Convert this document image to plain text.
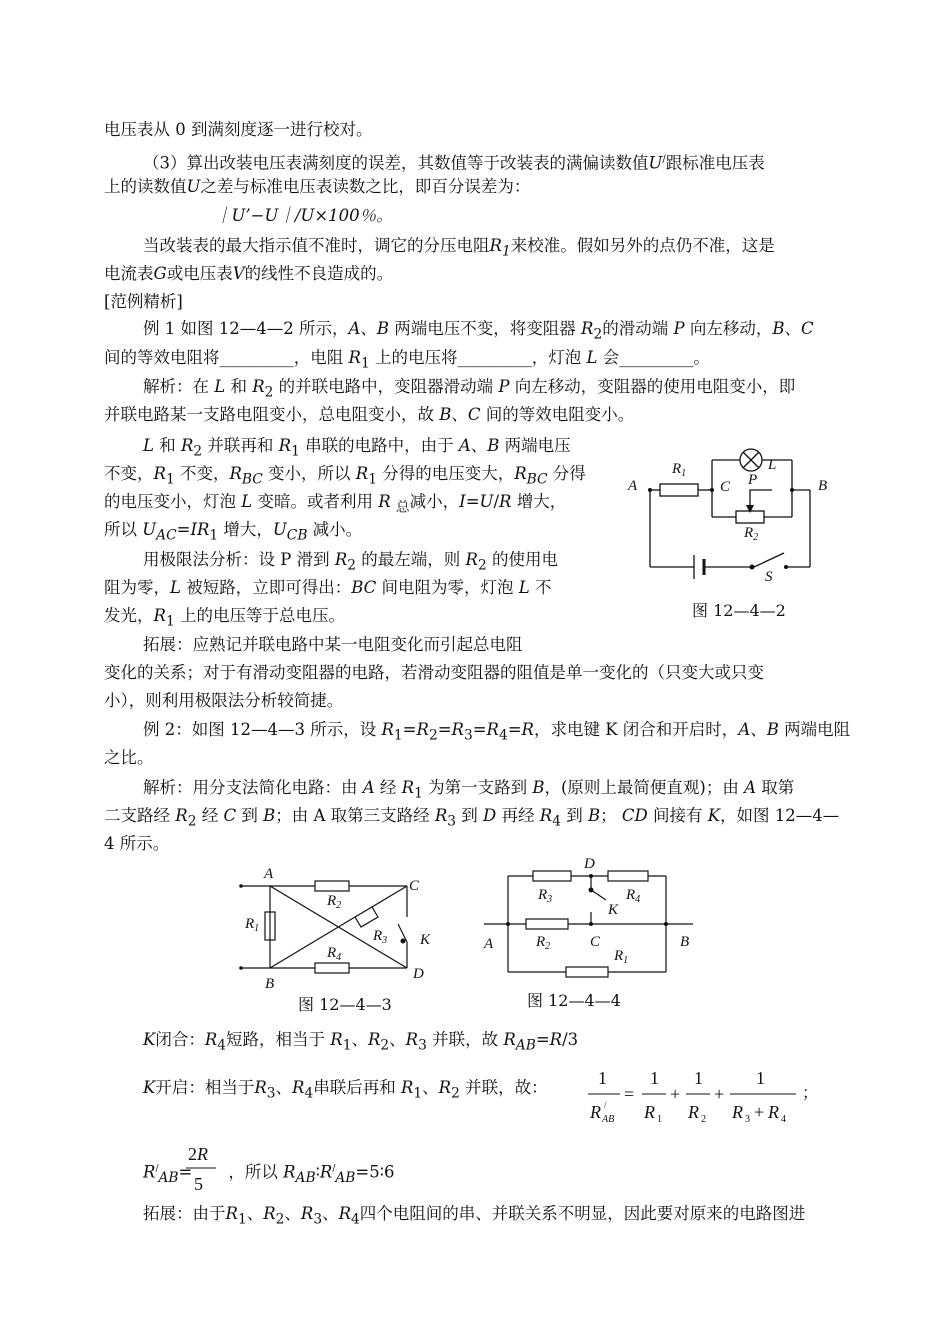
电压表从 0 到满刻度逐一进行校对。
（3）算出改装电压表满刻度的误差，其数值等于改装表的满偏读数值U/跟标准电压表
上的读数值U之差与标准电压表读数之比，即百分误差为：
｜U’−U｜/U×100％。
当改装表的最大指示值不准时，调它的分压电阻$R_1$来校准。假如另外的点仍不准，这是
电流表G或电压表V的线性不良造成的。
[范例精析]
例 1 如图 12—4—2 所示，A、B 两端电压不变，将变阻器 $R_2$的滑动端 P 向左移动，B、C
间的等效电阻将_________，电阻 $R_1$ 上的电压将_________，灯泡 L 会_________。
解析：在 L 和 $R_2$ 的并联电路中，变阻器滑动端 P 向左移动，变阻器的使用电阻变小，即
并联电路某一支路电阻变小，总电阻变小，故 B、C 间的等效电阻变小。
L 和 $R_2$ 并联再和 $R_1$ 串联的电路中，由于 A、B 两端电压
不变，$R_1$ 不变，$R_{BC}$ 变小，所以 $R_1$ 分得的电压变大，$R_{BC}$ 分得
的电压变小，灯泡 L 变暗。或者利用 R $_总$减小，I=U/R 增大，
所以 $U_{AC}=IR_1$ 增大，$U_{CB}$ 减小。
用极限法分析：设 P 滑到 $R_2$ 的最左端，则 $R_2$ 的使用电
阻为零，L 被短路，立即可得出：BC 间电阻为零，灯泡 L 不
发光，$R_1$ 上的电压等于总电压。
拓展：应熟记并联电路中某一电阻变化而引起总电阻
变化的关系；对于有滑动变阻器的电路，若滑动变阻器的阻值是单一变化的（只变大或只变
小），则利用极限法分析较简捷。
A	B
C
$R_1$
L
P
$R_2$
S
图 12—4—2
例 2：如图 12—4—3 所示，设 $R_1=R_2=R_3=R_4=R$，求电键 K 闭合和开启时，A、B 两端电阻
之比。
解析：用分支法简化电路：由 A 经 $R_1$ 为第一支路到 B，(原则上最简便直观)；由 A 取第
二支路经 $R_2$ 经 C 到 B；由 A 取第三支路经 $R_3$ 到 D 再经 $R_4$ 到 B； CD 间接有 K，如图 12—4—
4 所示。
A
B
C
D
K
$R_1$
$R_2$
$R_3$
$R_4$
图 12—4—3
D
$R_3$	$R_4$
K
$R_2$	C
A	B
$R_1$
图 12—4—4
K闭合：$R_4$短路，相当于 $R_1$、$R_2$、$R_3$ 并联，故 $R_{AB}=R/3$
K开启：相当于$R_3$、$R_4$串联后再和 $R_1$、$R_2$ 并联，故：	1
R /
AB
=
1
R 1
+
1
R 2
+
1
R 3 + R 4
；
$R^/_{AB}=$ ，所以 $R_{AB}∶R^/_{AB}=5∶6$
2R
5
拓展：由于$R_1$、$R_2$、$R_3$、$R_4$四个电阻间的串、并联关系不明显，因此要对原来的电路图进
